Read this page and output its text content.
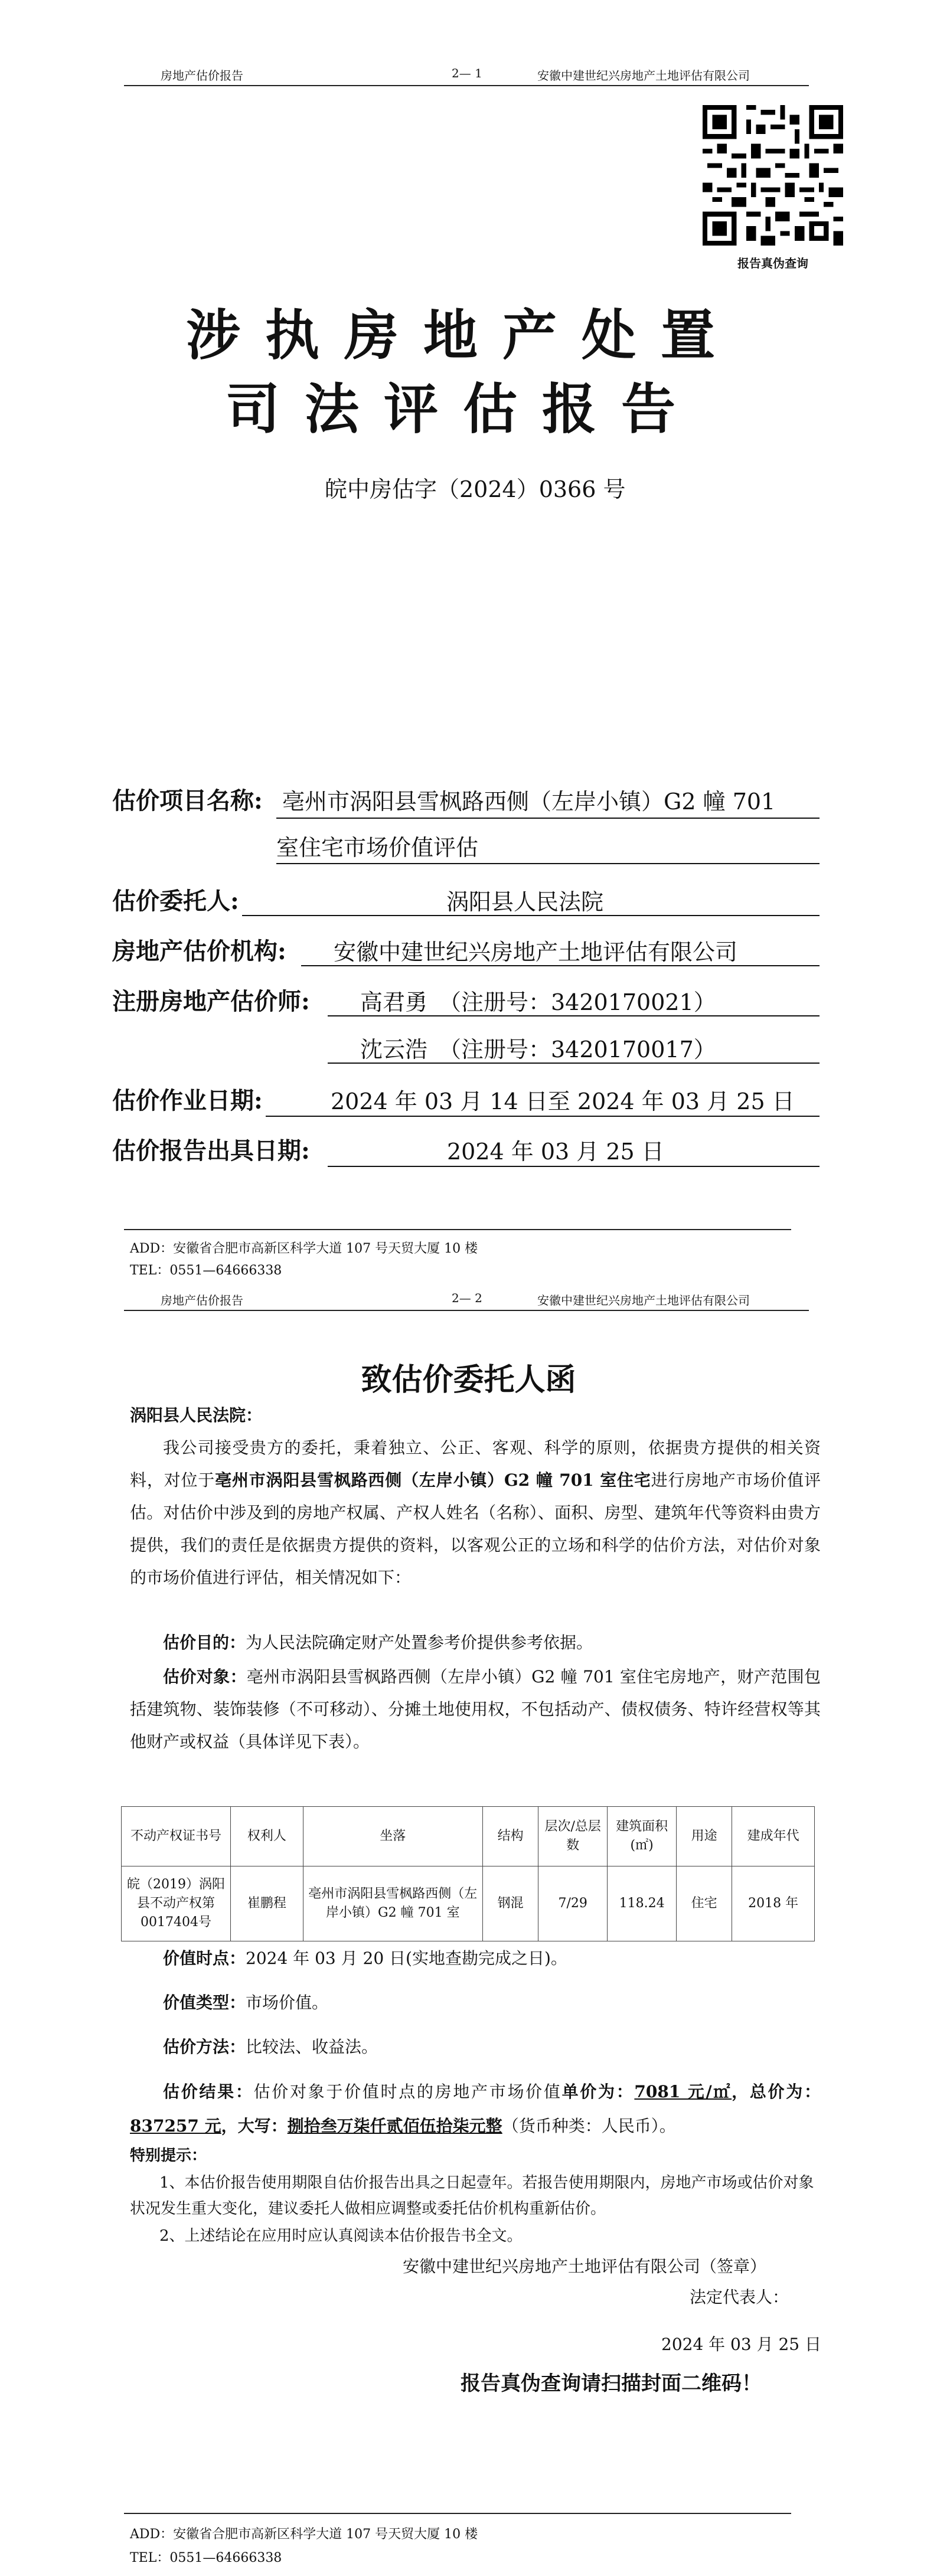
房地产估价报告	2— 1	安徽中建世纪兴房地产土地评估有限公司
报告真伪查询
涉执房地产处置
司法评估报告
皖中房估字（2024）0366 号
估价项目名称: 亳州市涡阳县雪枫路西侧（左岸小镇）G2 幢 701
室住宅市场价值评估
估价委托人:	涡阳县人民法院
房地产估价机构: 安徽中建世纪兴房地产土地评估有限公司
注册房地产估价师: 高君勇　（注册号：3420170021）
沈云浩　（注册号：3420170017）
估价作业日期:	2024 年 03 月 14 日至 2024 年 03 月 25 日
估价报告出具日期:	2024 年 03 月 25 日
ADD：安徽省合肥市高新区科学大道 107 号天贸大厦 10 楼
TEL：0551—64666338
房地产估价报告	2— 2	安徽中建世纪兴房地产土地评估有限公司
致估价委托人函
涡阳县人民法院：
我公司接受贵方的委托，秉着独立、公正、客观、科学的原则，依据贵方提供的相关资料，对位于亳州市涡阳县雪枫路西侧（左岸小镇）G2 幢 701 室住宅进行房地产市场价值评估。对估价中涉及到的房地产权属、产权人姓名（名称）、面积、房型、建筑年代等资料由贵方提供，我们的责任是依据贵方提供的资料，以客观公正的立场和科学的估价方法，对估价对象的市场价值进行评估，相关情况如下：
估价目的：为人民法院确定财产处置参考价提供参考依据。
估价对象：亳州市涡阳县雪枫路西侧（左岸小镇）G2 幢 701 室住宅房地产，财产范围包括建筑物、装饰装修（不可移动）、分摊土地使用权，不包括动产、债权债务、特许经营权等其他财产或权益（具体详见下表）。
不动产权证书号	权利人	坐落	结构	层次/总层数	建筑面积(㎡)	用途	建成年代
皖（2019）涡阳县不动产权第0017404号	崔鹏程	亳州市涡阳县雪枫路西侧（左岸小镇）G2 幢 701 室	钢混	7/29	118.24	住宅	2018 年
价值时点：2024 年 03 月 20 日(实地查勘完成之日)。
价值类型：市场价值。
估价方法：比较法、收益法。
估价结果：估价对象于价值时点的房地产市场价值单价为：7081 元/㎡，总价为：837257 元，大写：捌拾叁万柒仟贰佰伍拾柒元整（货币种类：人民币）。
特别提示：
1、本估价报告使用期限自估价报告出具之日起壹年。若报告使用期限内，房地产市场或估价对象状况发生重大变化，建议委托人做相应调整或委托估价机构重新估价。
2、上述结论在应用时应认真阅读本估价报告书全文。
安徽中建世纪兴房地产土地评估有限公司（签章）
法定代表人：
2024 年 03 月 25 日
报告真伪查询请扫描封面二维码！
ADD：安徽省合肥市高新区科学大道 107 号天贸大厦 10 楼
TEL：0551—64666338
